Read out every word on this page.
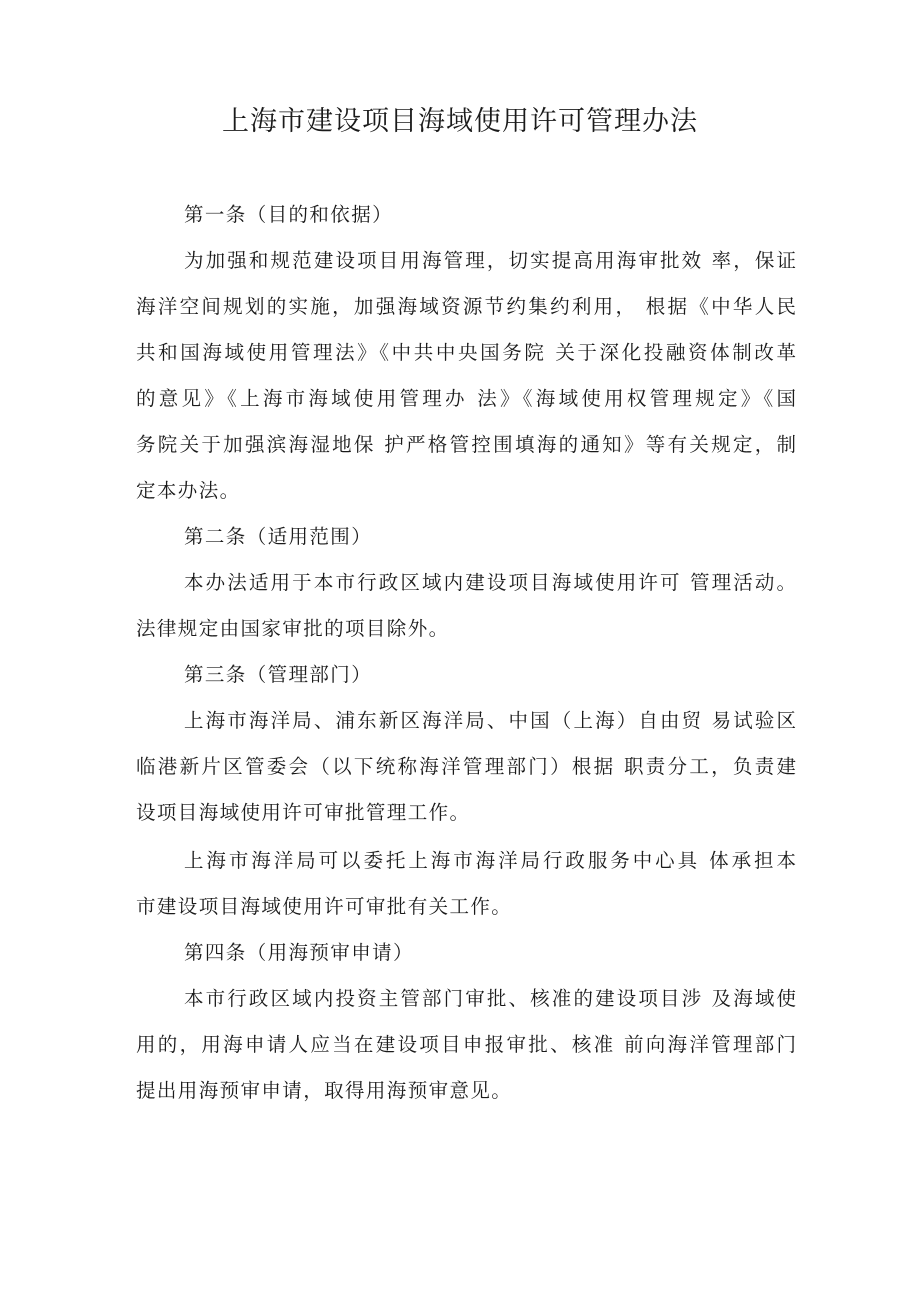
上海市建设项目海域使用许可管理办法
第一条（目的和依据）
为加强和规范建设项目用海管理，切实提高用海审批效 率，保证
海洋空间规划的实施，加强海域资源节约集约利用， 根据《中华人民
共和国海域使用管理法》《中共中央国务院 关于深化投融资体制改革
的意见》《上海市海域使用管理办 法》《海域使用权管理规定》《国
务院关于加强滨海湿地保 护严格管控围填海的通知》等有关规定，制
定本办法。
第二条（适用范围）
本办法适用于本市行政区域内建设项目海域使用许可 管理活动。
法律规定由国家审批的项目除外。
第三条（管理部门）
上海市海洋局、浦东新区海洋局、中国（上海）自由贸 易试验区
临港新片区管委会（以下统称海洋管理部门）根据 职责分工，负责建
设项目海域使用许可审批管理工作。
上海市海洋局可以委托上海市海洋局行政服务中心具 体承担本
市建设项目海域使用许可审批有关工作。
第四条（用海预审申请）
本市行政区域内投资主管部门审批、核准的建设项目涉 及海域使
用的，用海申请人应当在建设项目申报审批、核准 前向海洋管理部门
提出用海预审申请，取得用海预审意见。
